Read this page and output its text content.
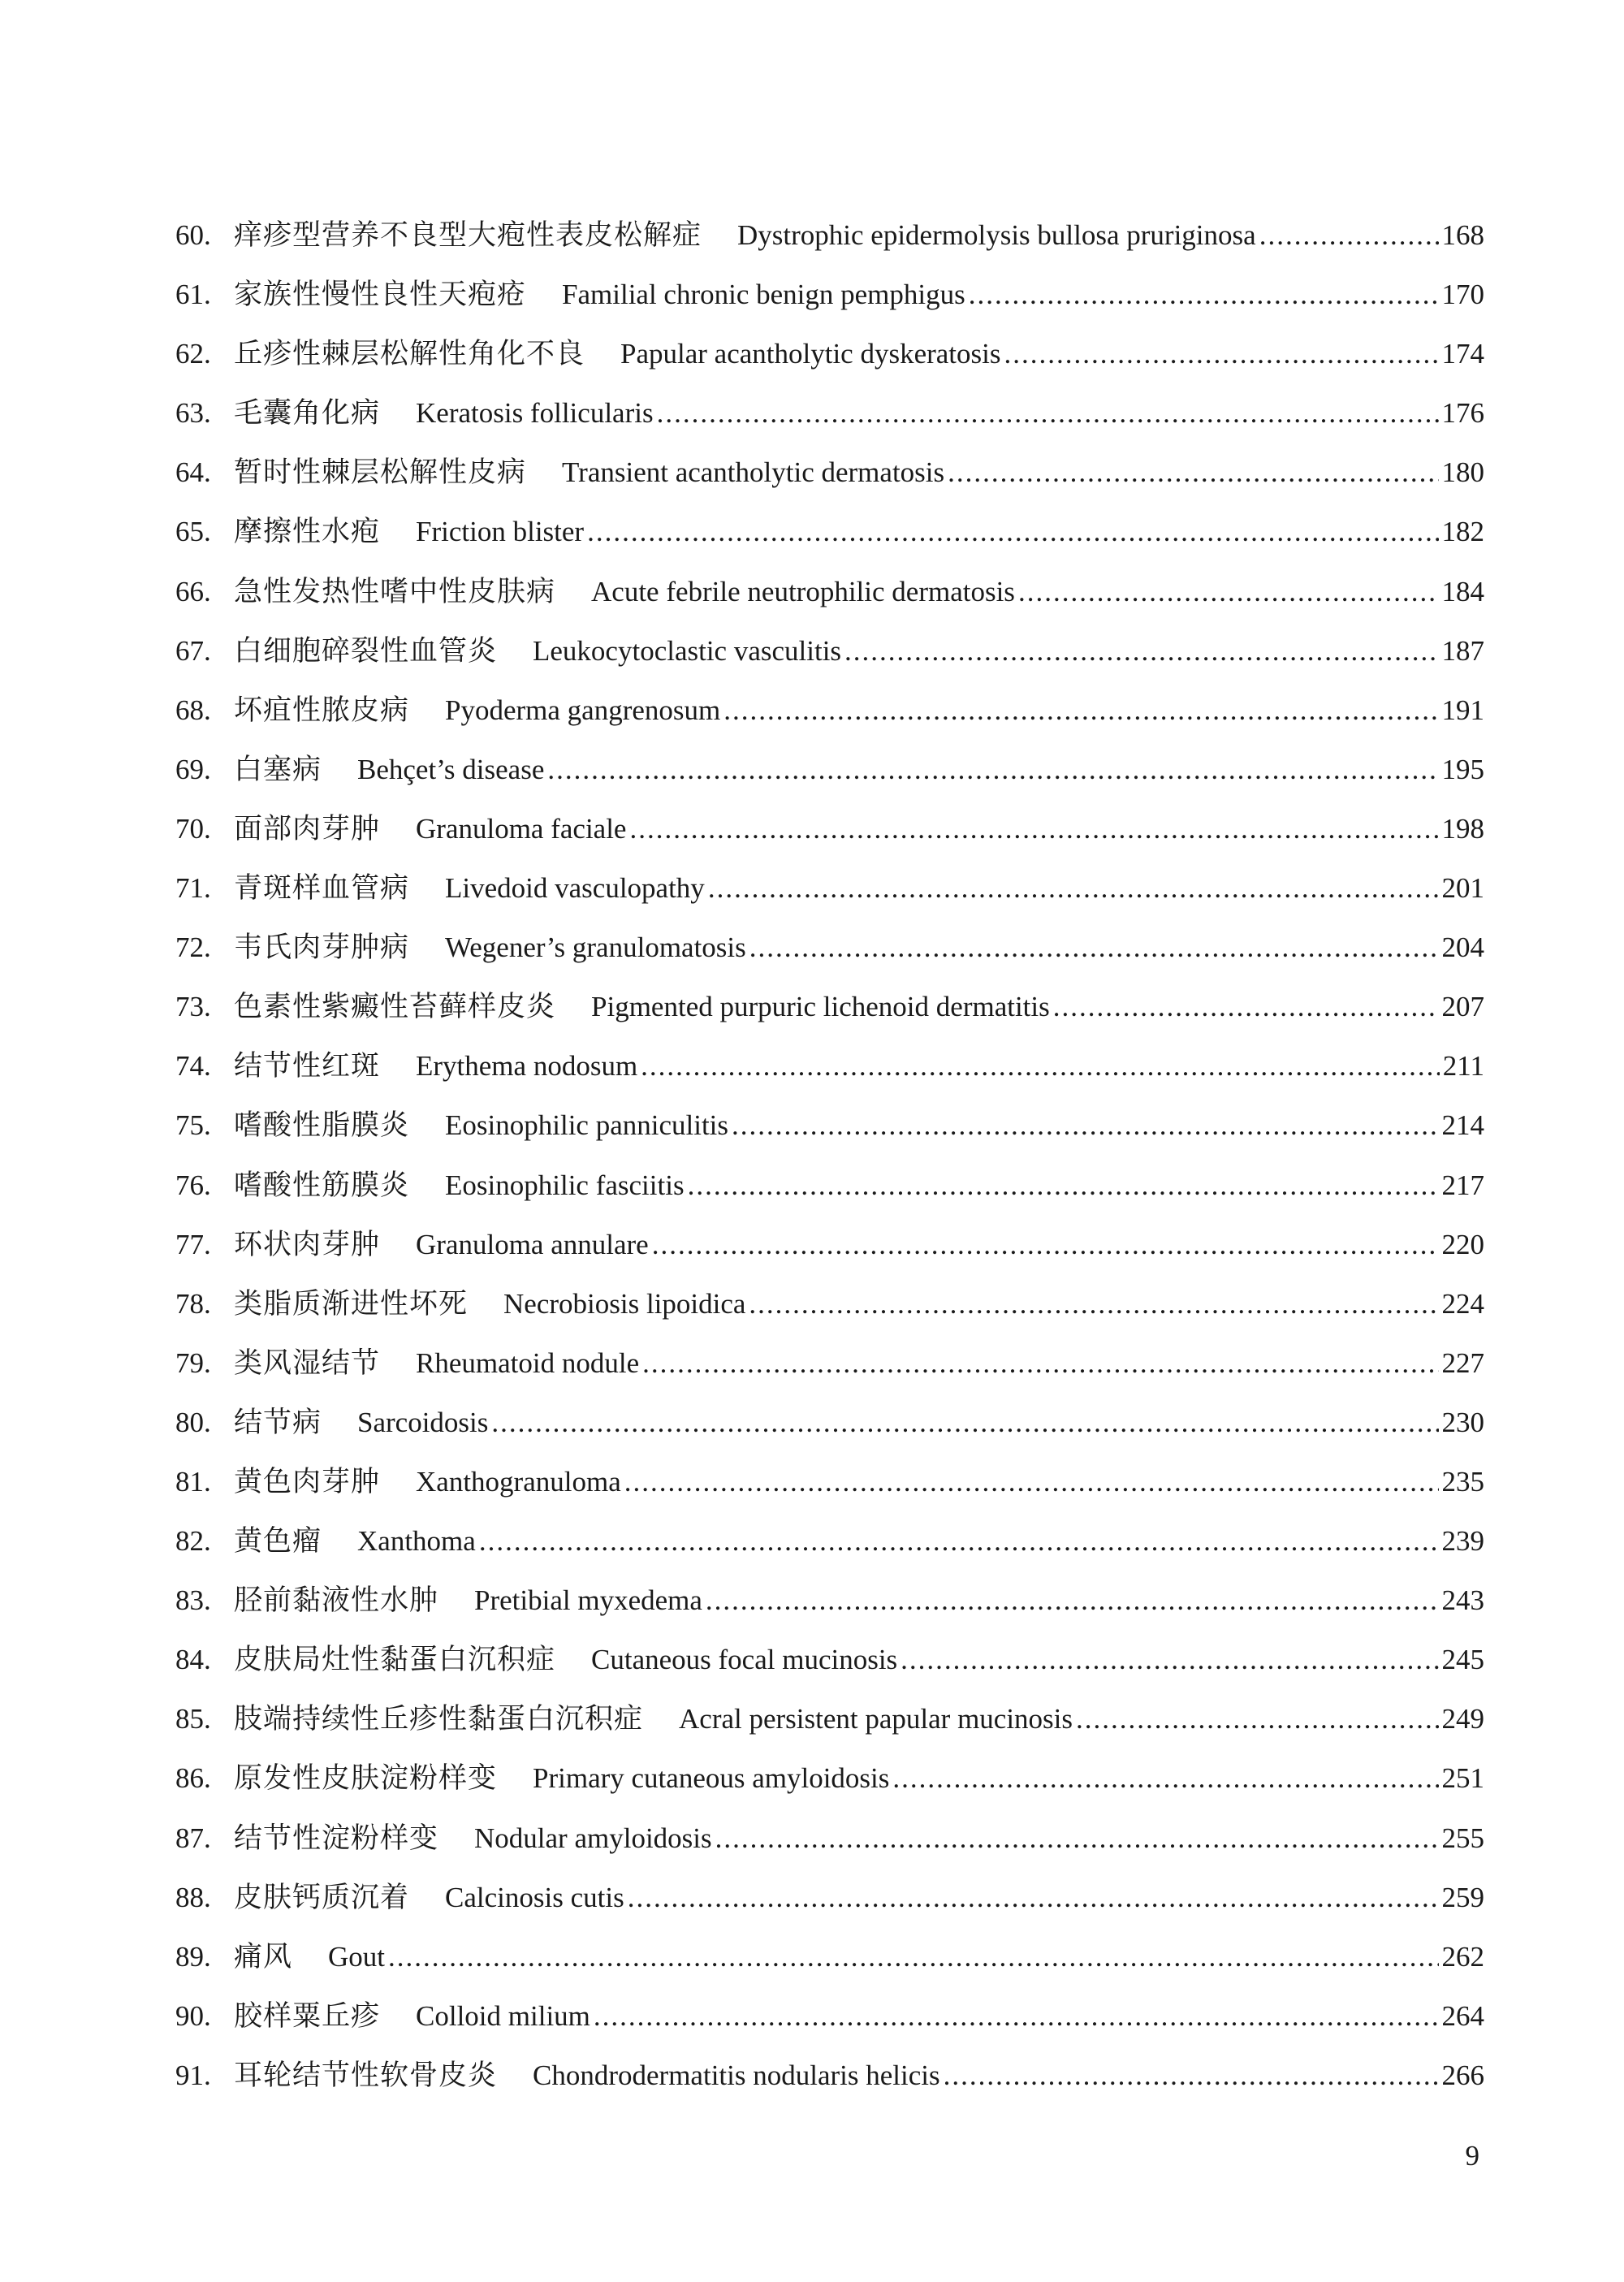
60. 痒疹型营养不良型大疱性表皮松解症 Dystrophic epidermolysis bullosa pruriginosa .....	168
61. 家族性慢性良性天疱疮 Familial chronic benign pemphigus .....	170
62. 丘疹性棘层松解性角化不良 Papular acantholytic dyskeratosis .....	174
63. 毛囊角化病 Keratosis follicularis .....	176
64. 暂时性棘层松解性皮病 Transient acantholytic dermatosis .....	180
65. 摩擦性水疱 Friction blister .....	182
66. 急性发热性嗜中性皮肤病 Acute febrile neutrophilic dermatosis .....	184
67. 白细胞碎裂性血管炎 Leukocytoclastic vasculitis .....	187
68. 坏疽性脓皮病 Pyoderma gangrenosum .....	191
69. 白塞病 Behçet’s disease .....	195
70. 面部肉芽肿 Granuloma faciale .....	198
71. 青斑样血管病 Livedoid vasculopathy .....	201
72. 韦氏肉芽肿病 Wegener’s granulomatosis .....	204
73. 色素性紫癜性苔藓样皮炎 Pigmented purpuric lichenoid dermatitis .....	207
74. 结节性红斑 Erythema nodosum .....	211
75. 嗜酸性脂膜炎 Eosinophilic panniculitis .....	214
76. 嗜酸性筋膜炎 Eosinophilic fasciitis .....	217
77. 环状肉芽肿 Granuloma annulare .....	220
78. 类脂质渐进性坏死 Necrobiosis lipoidica .....	224
79. 类风湿结节 Rheumatoid nodule .....	227
80. 结节病 Sarcoidosis .....	230
81. 黄色肉芽肿 Xanthogranuloma .....	235
82. 黄色瘤 Xanthoma .....	239
83. 胫前黏液性水肿 Pretibial myxedema .....	243
84. 皮肤局灶性黏蛋白沉积症 Cutaneous focal mucinosis .....	245
85. 肢端持续性丘疹性黏蛋白沉积症 Acral persistent papular mucinosis .....	249
86. 原发性皮肤淀粉样变 Primary cutaneous amyloidosis .....	251
87. 结节性淀粉样变 Nodular amyloidosis .....	255
88. 皮肤钙质沉着 Calcinosis cutis .....	259
89. 痛风 Gout .....	262
90. 胶样粟丘疹 Colloid milium .....	264
91. 耳轮结节性软骨皮炎 Chondrodermatitis nodularis helicis .....	266
9
